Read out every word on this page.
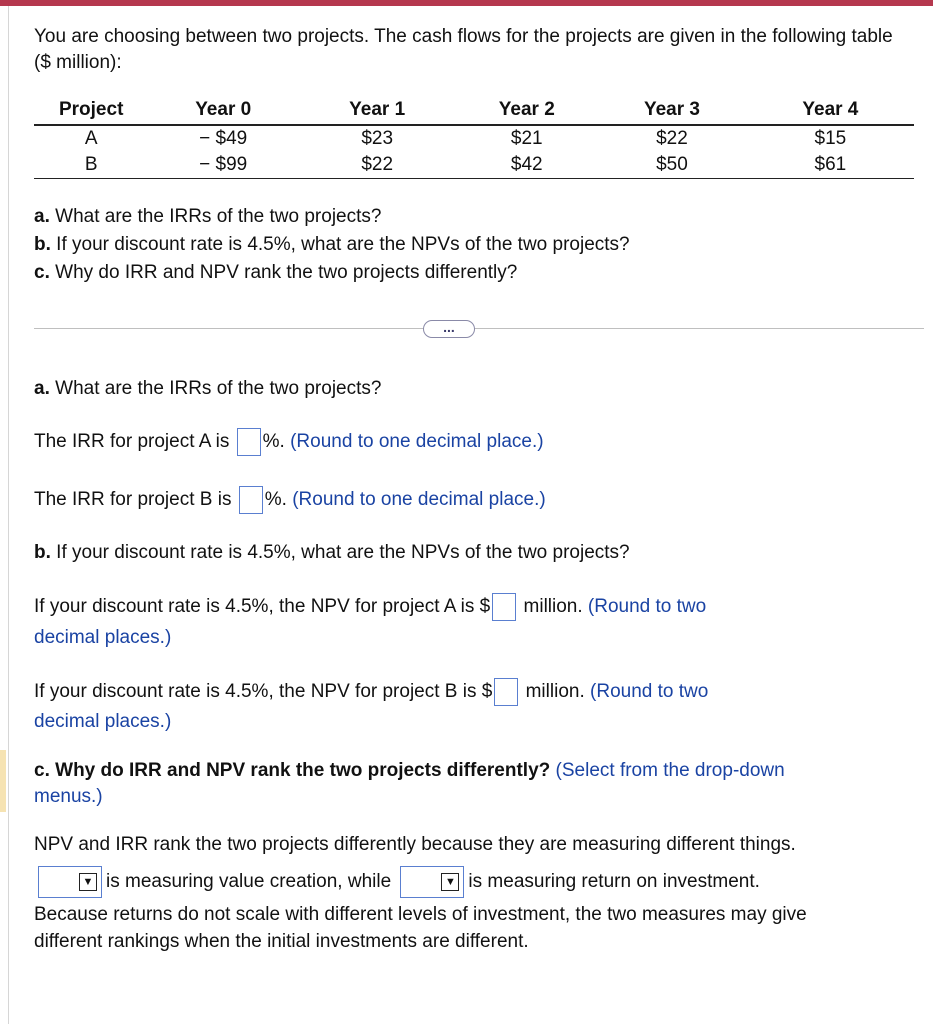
You are choosing between two projects. The cash flows for the projects are given in the following table ($ million):
Project	Year 0	Year 1	Year 2	Year 3	Year 4
A	− $49	$23	$21	$22	$15
B	− $99	$22	$42	$50	$61
a. What are the IRRs of the two projects?
b. If your discount rate is 4.5%, what are the NPVs of the two projects?
c. Why do IRR and NPV rank the two projects differently?
...
a. What are the IRRs of the two projects?
The IRR for project A is %. (Round to one decimal place.)
The IRR for project B is %. (Round to one decimal place.)
b. If your discount rate is 4.5%, what are the NPVs of the two projects?
If your discount rate is 4.5%, the NPV for project A is $ million. (Round to two
decimal places.)
If your discount rate is 4.5%, the NPV for project B is $ million. (Round to two
decimal places.)
c. Why do IRR and NPV rank the two projects differently? (Select from the drop-down
menus.)
NPV and IRR rank the two projects differently because they are measuring different things.
▼ is measuring value creation, while	▼ is measuring return on investment.
Because returns do not scale with different levels of investment, the two measures may give
different rankings when the initial investments are different.
